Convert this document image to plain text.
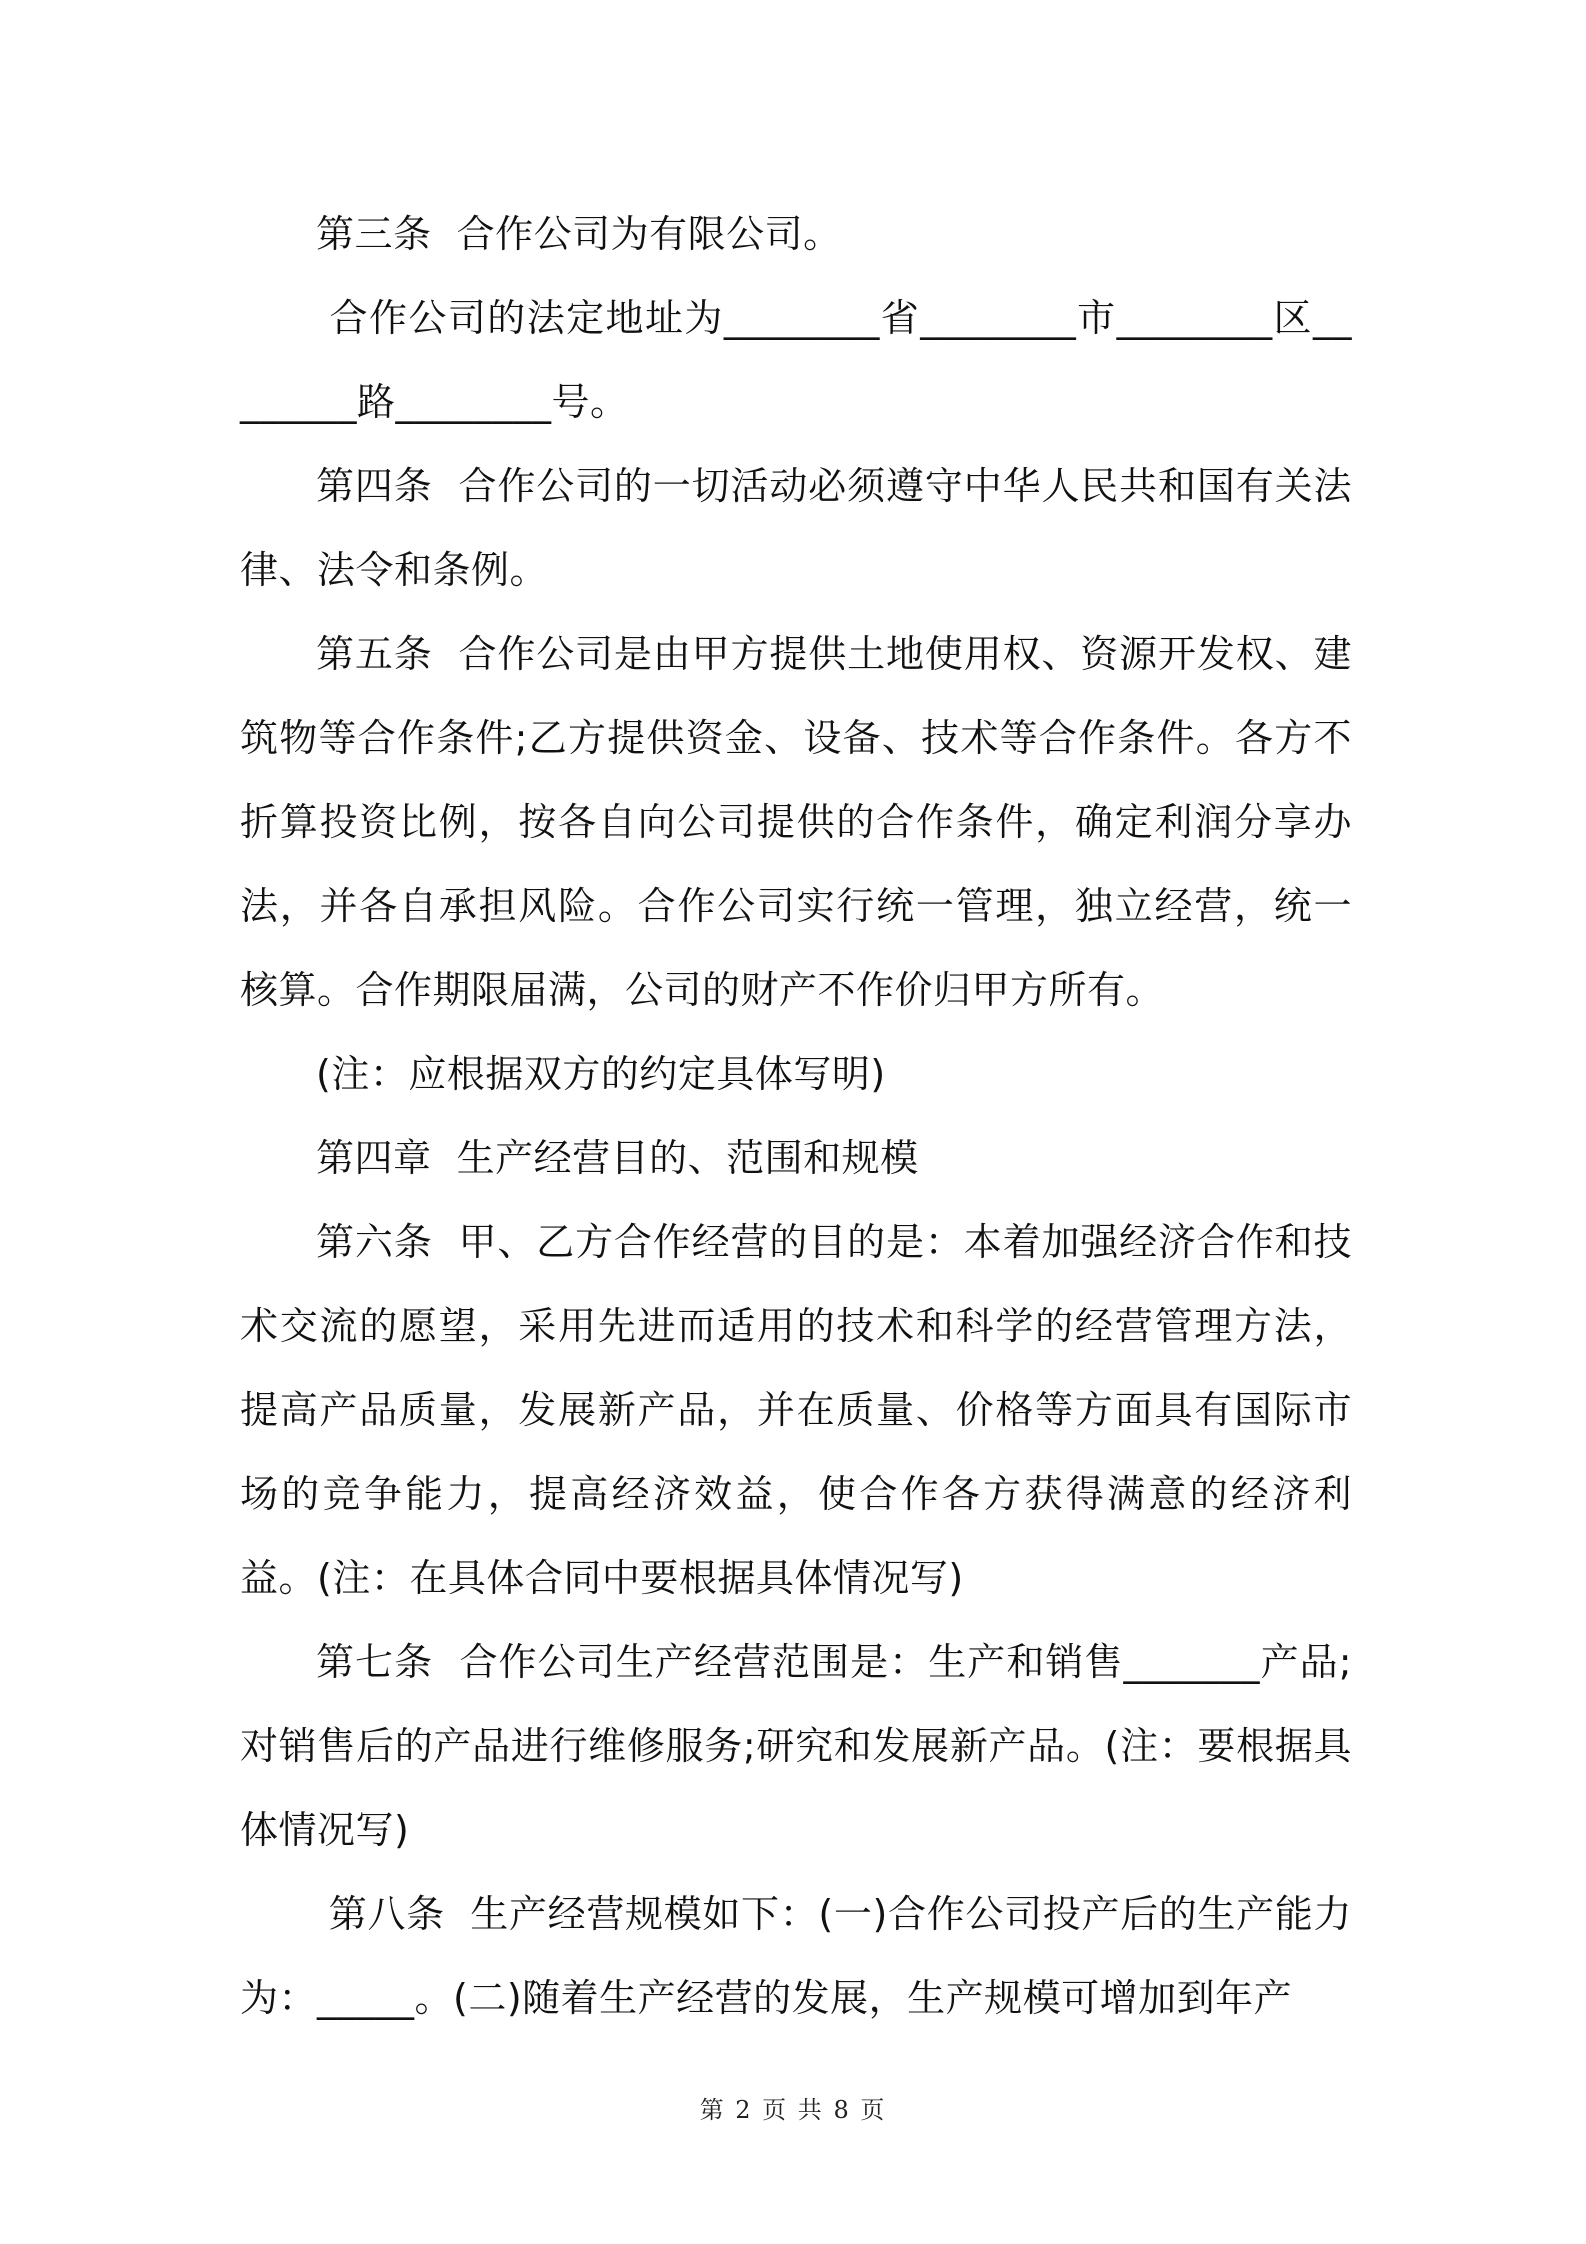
第三条  合作公司为有限公司。

合作公司的法定地址为________省________市________区________路________号。

第四条  合作公司的一切活动必须遵守中华人民共和国有关法律、法令和条例。

第五条  合作公司是由甲方提供土地使用权、资源开发权、建筑物等合作条件;乙方提供资金、设备、技术等合作条件。各方不折算投资比例，按各自向公司提供的合作条件，确定利润分享办法，并各自承担风险。合作公司实行统一管理，独立经营，统一核算。合作期限届满，公司的财产不作价归甲方所有。

(注：应根据双方的约定具体写明)

第四章  生产经营目的、范围和规模

第六条  甲、乙方合作经营的目的是：本着加强经济合作和技术交流的愿望，采用先进而适用的技术和科学的经营管理方法，提高产品质量，发展新产品，并在质量、价格等方面具有国际市场的竞争能力，提高经济效益，使合作各方获得满意的经济利益。(注：在具体合同中要根据具体情况写)

第七条  合作公司生产经营范围是：生产和销售_______产品;对销售后的产品进行维修服务;研究和发展新产品。(注：要根据具体情况写)

第八条  生产经营规模如下：(一)合作公司投产后的生产能力为：_____。(二)随着生产经营的发展，生产规模可增加到年产

第 2 页 共 8 页
